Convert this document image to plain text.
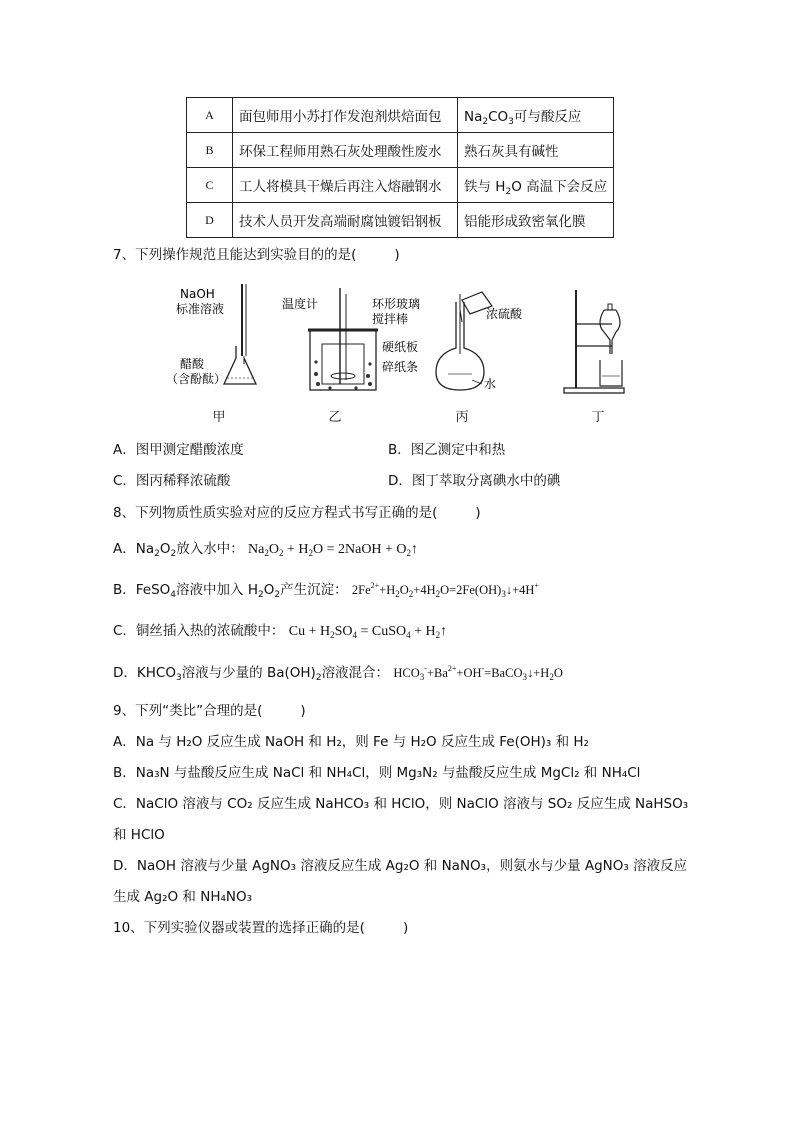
A	面包师用小苏打作发泡剂烘焙面包	$Na_2CO_3$可与酸反应
B	环保工程师用熟石灰处理酸性废水	熟石灰具有碱性
C	工人将模具干燥后再注入熔融钢水	铁与 $H_2O$ 高温下会反应
D	技术人员开发高端耐腐蚀镀铝钢板	铝能形成致密氧化膜
7、下列操作规范且能达到实验目的的是(	)
NaOH
标准溶液
醋酸
（含酚酞）
温度计	环形玻璃
搅拌棒
硬纸板
碎纸条
浓硫酸
水
甲	乙	丙	丁
A．图甲测定醋酸浓度	B．图乙测定中和热
C．图丙稀释浓硫酸	D．图丁萃取分离碘水中的碘
8、下列物质性质实验对应的反应方程式书写正确的是(	)
A．$Na_2O_2$放入水中： $Na_2O_2 + H_2O$ = 2NaOH + $O_2↑$
B．FeSO$_4$溶液中加入 $H_2O_2$产生沉淀： $2Fe^{2+}+H_2O_2+4H_2O=2Fe(OH)_3↓+4H^+$
C．铜丝插入热的浓硫酸中： $Cu + H_2SO_4$ = CuSO$_4$ + $H_2↑$
D．$KHCO_3$溶液与少量的 $Ba(OH)_2$溶液混合： $HCO_3^-+Ba^{2+}+OH^-=BaCO_3↓+H_2O$
9、下列“类比”合理的是(	)
A．Na 与 H₂O 反应生成 NaOH 和 H₂，则 Fe 与 H₂O 反应生成 Fe(OH)₃ 和 H₂
B．Na₃N 与盐酸反应生成 NaCl 和 NH₄Cl，则 Mg₃N₂ 与盐酸反应生成 MgCl₂ 和 NH₄Cl
C．NaClO 溶液与 CO₂ 反应生成 NaHCO₃ 和 HClO，则 NaClO 溶液与 SO₂ 反应生成 NaHSO₃
和 HClO
D．NaOH 溶液与少量 AgNO₃ 溶液反应生成 Ag₂O 和 NaNO₃，则氨水与少量 AgNO₃ 溶液反应
生成 Ag₂O 和 NH₄NO₃
10、下列实验仪器或装置的选择正确的是(	)
